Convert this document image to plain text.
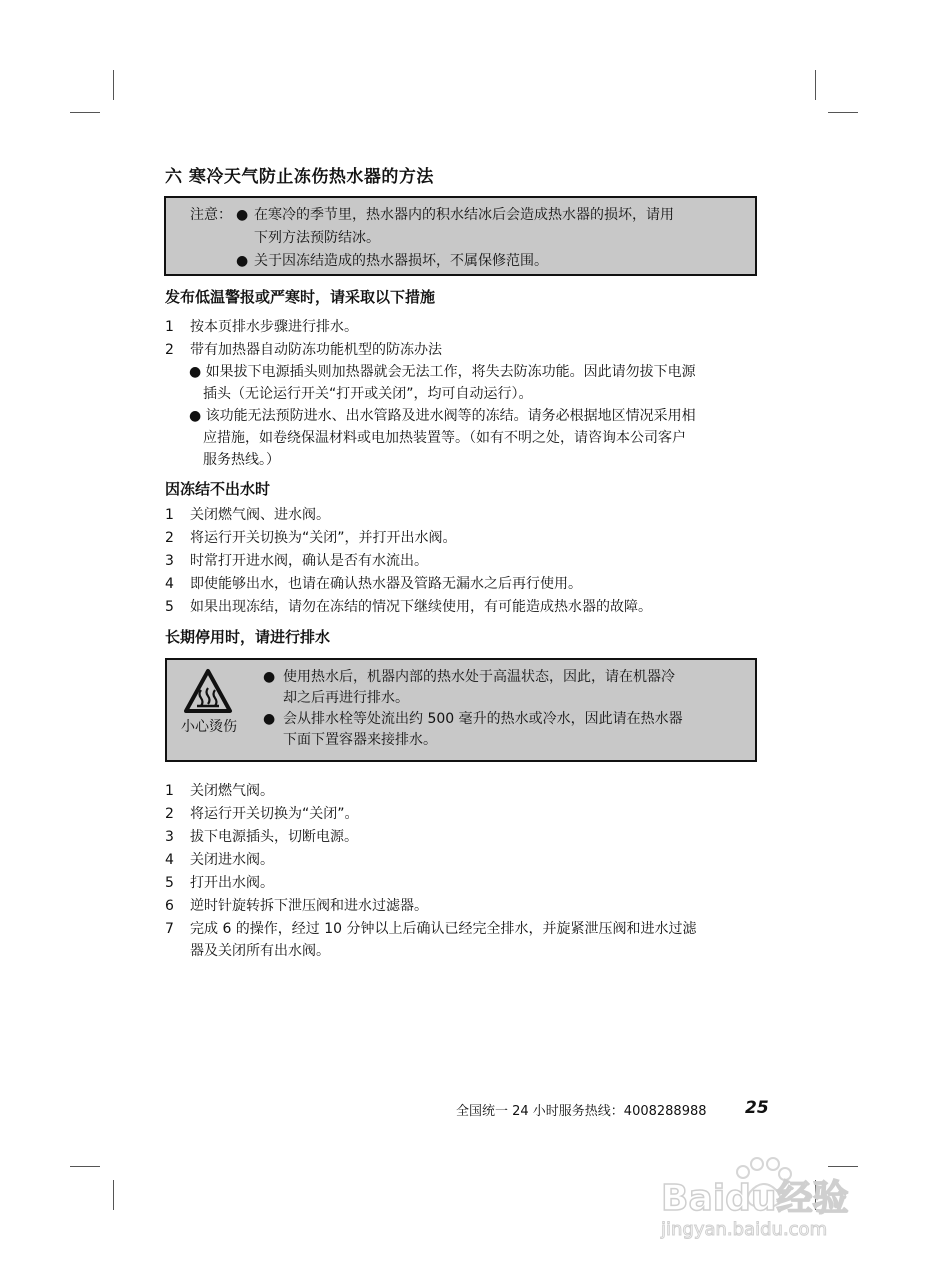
六 寒冷天气防止冻伤热水器的方法
注意： ● 在寒冷的季节里，热水器内的积水结冰后会造成热水器的损坏，请用
下列方法预防结冰。
● 关于因冻结造成的热水器损坏，不属保修范围。
发布低温警报或严寒时，请采取以下措施
1 按本页排水步骤进行排水。
2 带有加热器自动防冻功能机型的防冻办法
● 如果拔下电源插头则加热器就会无法工作，将失去防冻功能。因此请勿拔下电源
插头（无论运行开关“打开或关闭”，均可自动运行）。
● 该功能无法预防进水、出水管路及进水阀等的冻结。请务必根据地区情况采用相
应措施，如卷绕保温材料或电加热装置等。（如有不明之处，请咨询本公司客户
服务热线。）
因冻结不出水时
1 关闭燃气阀、进水阀。
2 将运行开关切换为“关闭”，并打开出水阀。
3 时常打开进水阀，确认是否有水流出。
4 即使能够出水，也请在确认热水器及管路无漏水之后再行使用。
5 如果出现冻结，请勿在冻结的情况下继续使用，有可能造成热水器的故障。
长期停用时，请进行排水
小心烫伤
● 使用热水后，机器内部的热水处于高温状态，因此，请在机器冷
却之后再进行排水。
● 会从排水栓等处流出约 500 毫升的热水或冷水，因此请在热水器
下面下置容器来接排水。
1 关闭燃气阀。
2 将运行开关切换为“关闭”。
3 拔下电源插头，切断电源。
4 关闭进水阀。
5 打开出水阀。
6 逆时针旋转拆下泄压阀和进水过滤器。
7 完成 6 的操作，经过 10 分钟以上后确认已经完全排水，并旋紧泄压阀和进水过滤
器及关闭所有出水阀。
全国统一 24 小时服务热线：4008288988 25
Baidu经验
jingyan.baidu.com
